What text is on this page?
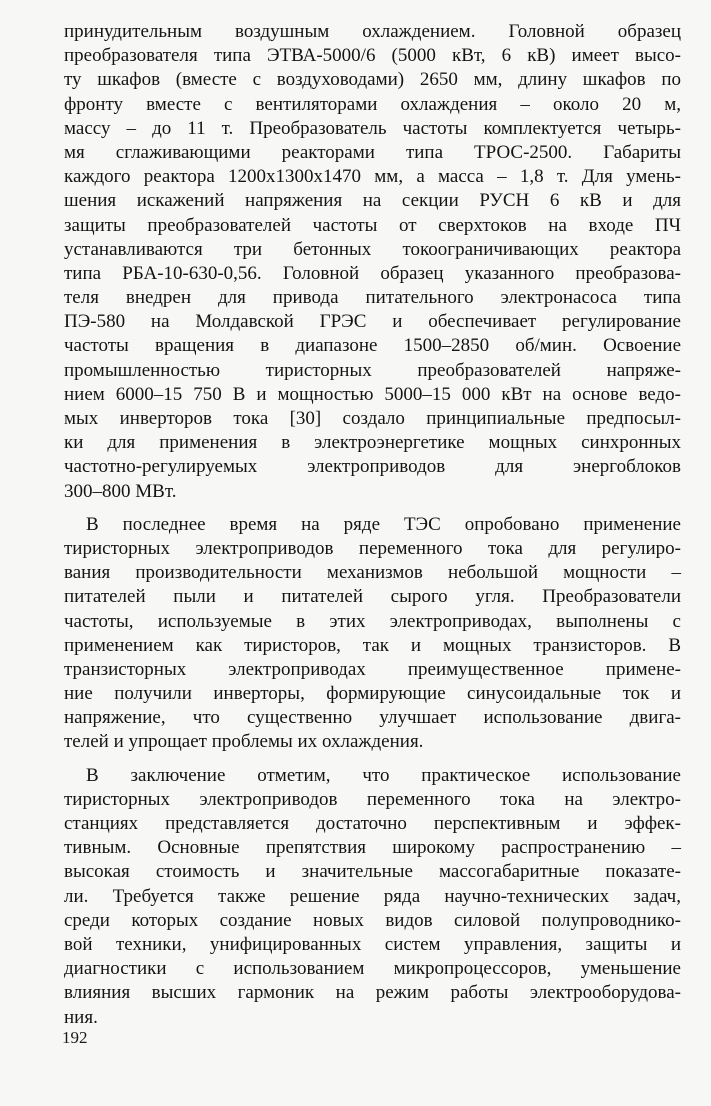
принудительным воздушным охлаждением. Головной образец
преобразователя типа ЭТВА-5000/6 (5000 кВт, 6 кВ) имеет высо-
ту шкафов (вместе с воздуховодами) 2650 мм, длину шкафов по
фронту вместе с вентиляторами охлаждения – около 20 м,
массу – до 11 т. Преобразователь частоты комплектуется четырь-
мя сглаживающими реакторами типа ТРОС-2500. Габариты
каждого реактора 1200x1300x1470 мм, а масса – 1,8 т. Для умень-
шения искажений напряжения на секции РУСН 6 кВ и для
защиты преобразователей частоты от сверхтоков на входе ПЧ
устанавливаются три бетонных токоограничивающих реактора
типа РБА-10-630-0,56. Головной образец указанного преобразова-
теля внедрен для привода питательного электронасоса типа
ПЭ-580 на Молдавской ГРЭС и обеспечивает регулирование
частоты вращения в диапазоне 1500–2850 об/мин. Освоение
промышленностью тиристорных преобразователей напряже-
нием 6000–15 750 В и мощностью 5000–15 000 кВт на основе ведо-
мых инверторов тока [30] создало принципиальные предпосыл-
ки для применения в электроэнергетике мощных синхронных
частотно-регулируемых электроприводов для энергоблоков
300–800 МВт.
В последнее время на ряде ТЭС опробовано применение
тиристорных электроприводов переменного тока для регулиро-
вания производительности механизмов небольшой мощности –
питателей пыли и питателей сырого угля. Преобразователи
частоты, используемые в этих электроприводах, выполнены с
применением как тиристоров, так и мощных транзисторов. В
транзисторных электроприводах преимущественное примене-
ние получили инверторы, формирующие синусоидальные ток и
напряжение, что существенно улучшает использование двига-
телей и упрощает проблемы их охлаждения.
В заключение отметим, что практическое использование
тиристорных электроприводов переменного тока на электро-
станциях представляется достаточно перспективным и эффек-
тивным. Основные препятствия широкому распространению –
высокая стоимость и значительные массогабаритные показате-
ли. Требуется также решение ряда научно-технических задач,
среди которых создание новых видов силовой полупроводнико-
вой техники, унифицированных систем управления, защиты и
диагностики с использованием микропроцессоров, уменьшение
влияния высших гармоник на режим работы электрооборудова-
ния.
192
